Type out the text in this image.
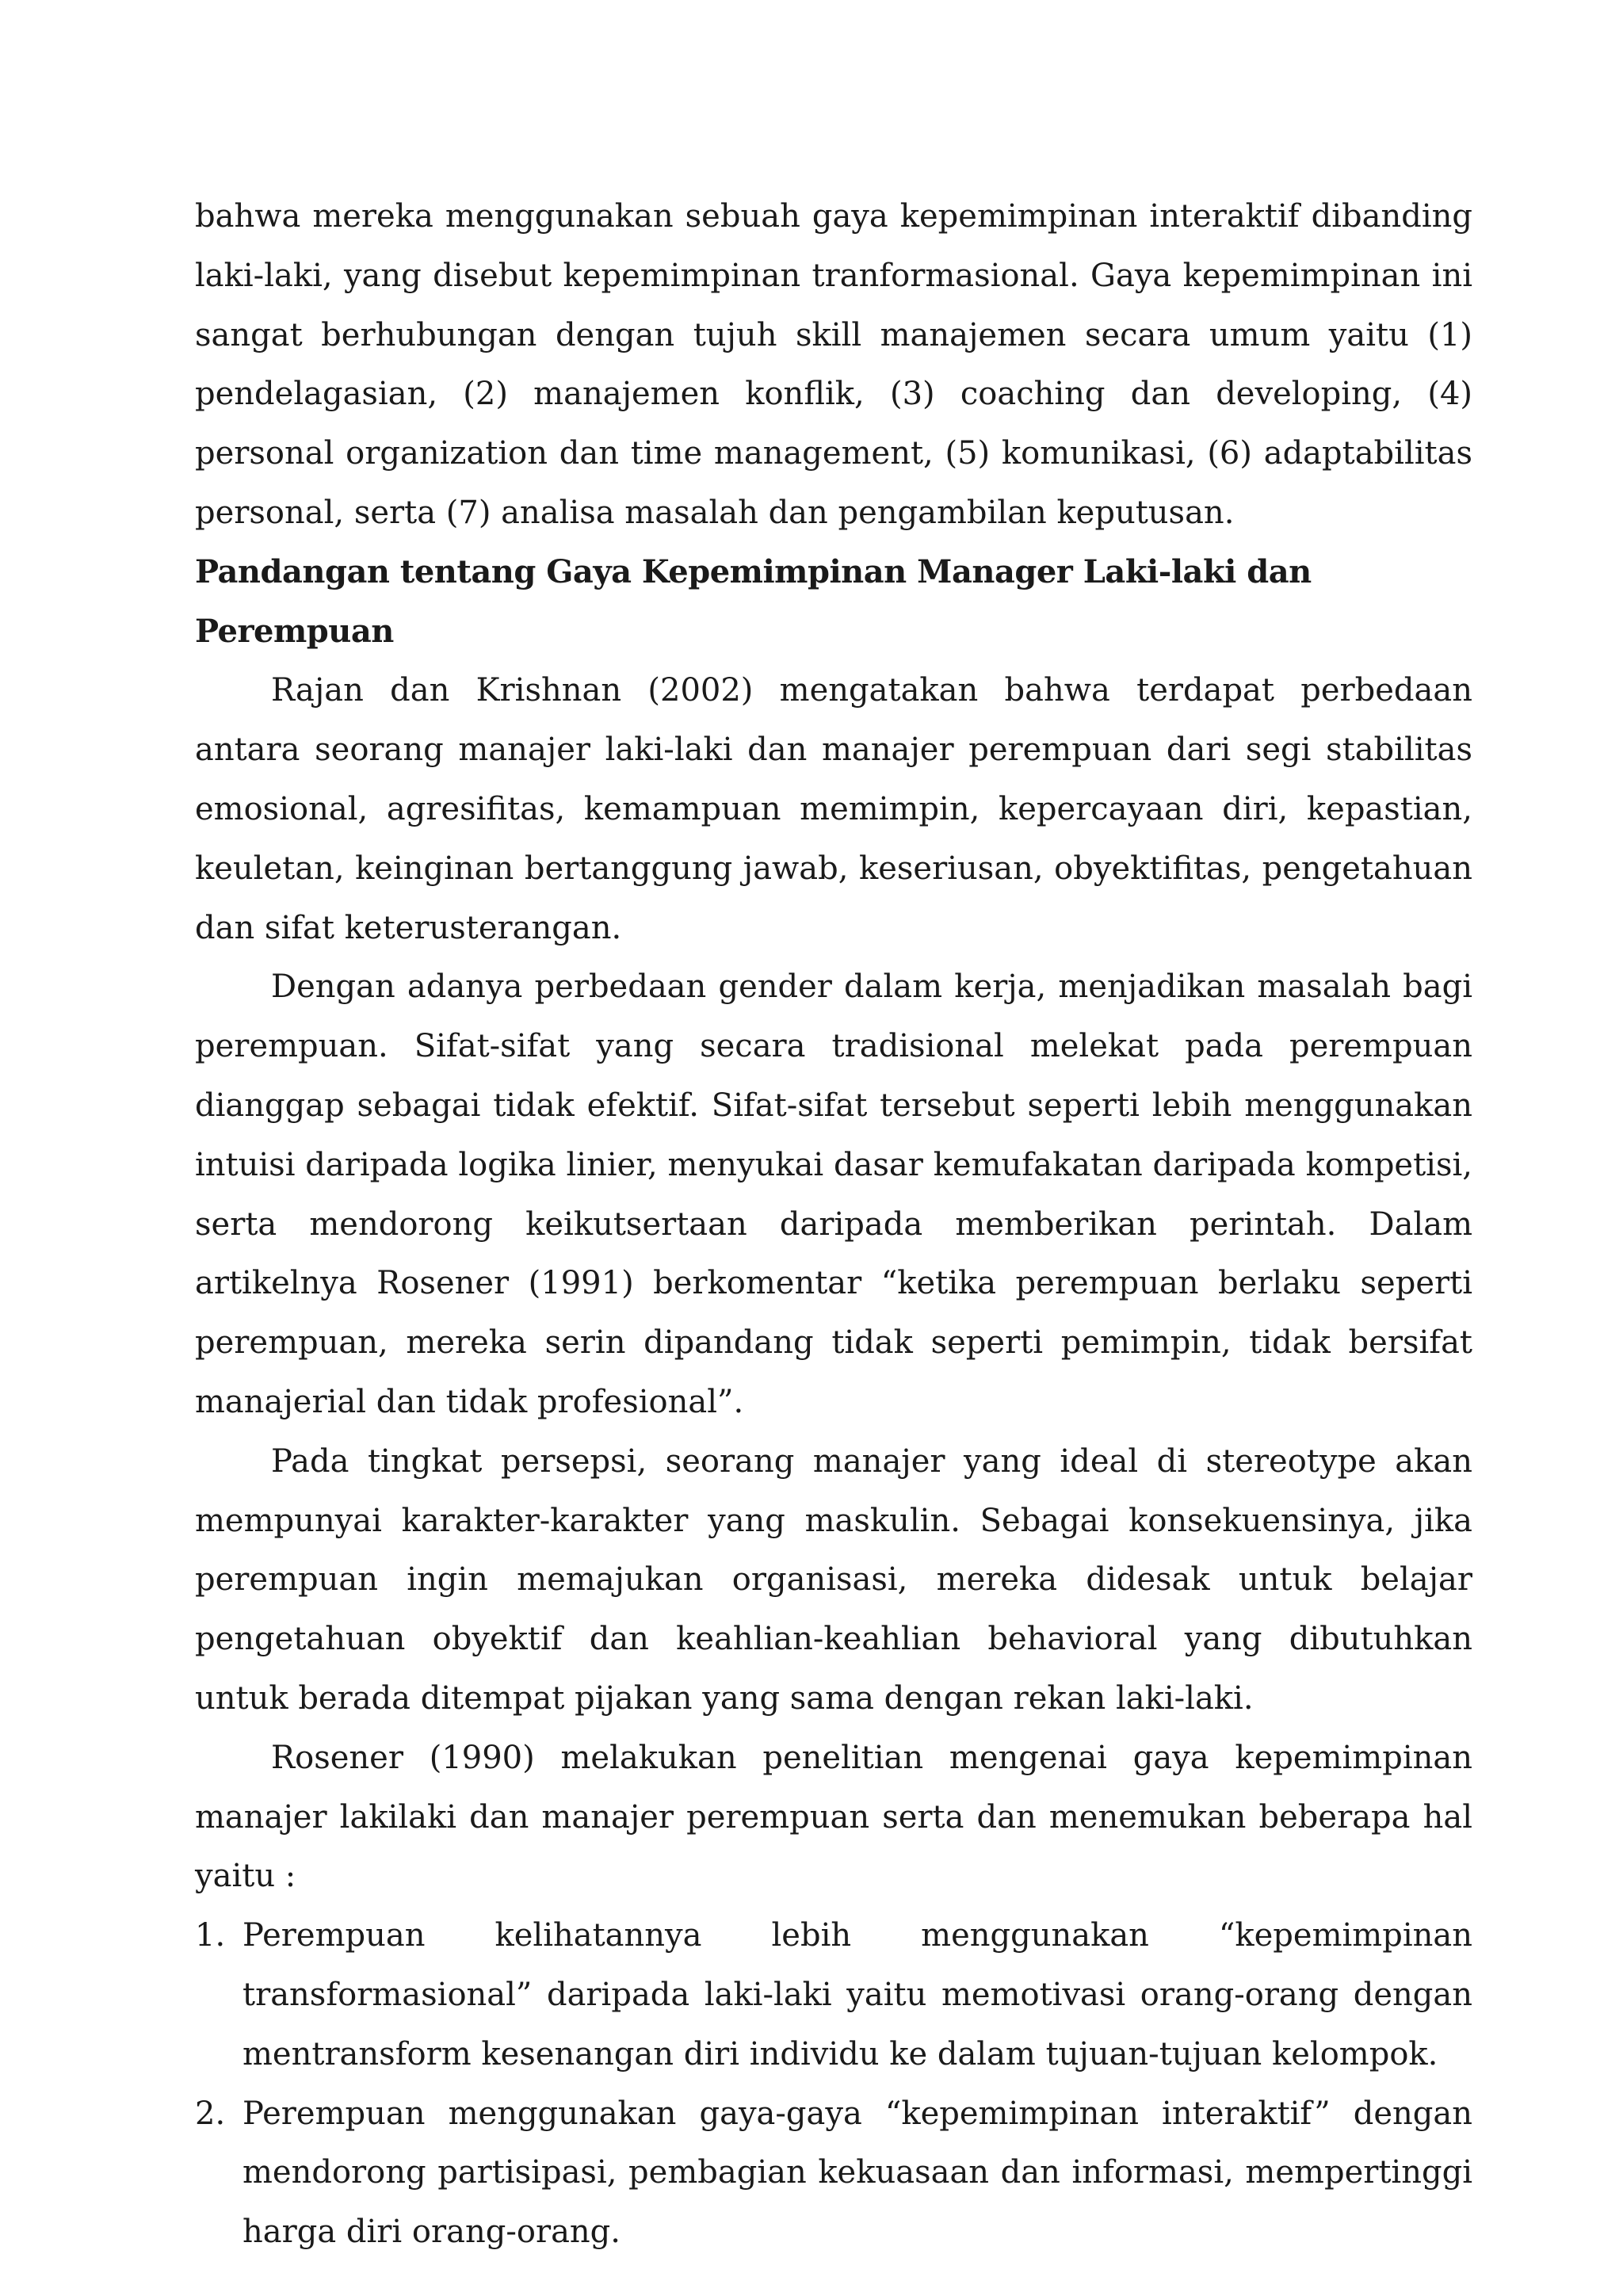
bahwa mereka menggunakan sebuah gaya kepemimpinan interaktif dibanding laki-laki, yang disebut kepemimpinan tranformasional. Gaya kepemimpinan ini sangat berhubungan dengan tujuh skill manajemen secara umum yaitu (1) pendelagasian, (2) manajemen konflik, (3) coaching dan developing, (4) personal organization dan time management, (5) komunikasi, (6) adaptabilitas personal, serta (7) analisa masalah dan pengambilan keputusan.

Pandangan tentang Gaya Kepemimpinan Manager Laki-laki dan Perempuan

Rajan dan Krishnan (2002) mengatakan bahwa terdapat perbedaan antara seorang manajer laki-laki dan manajer perempuan dari segi stabilitas emosional, agresifitas, kemampuan memimpin, kepercayaan diri, kepastian, keuletan, keinginan bertanggung jawab, keseriusan, obyektifitas, pengetahuan dan sifat keterusterangan.

Dengan adanya perbedaan gender dalam kerja, menjadikan masalah bagi perempuan. Sifat-sifat yang secara tradisional melekat pada perempuan dianggap sebagai tidak efektif. Sifat-sifat tersebut seperti lebih menggunakan intuisi daripada logika linier, menyukai dasar kemufakatan daripada kompetisi, serta mendorong keikutsertaan daripada memberikan perintah. Dalam artikelnya Rosener (1991) berkomentar “ketika perempuan berlaku seperti perempuan, mereka serin dipandang tidak seperti pemimpin, tidak bersifat manajerial dan tidak profesional”.

Pada tingkat persepsi, seorang manajer yang ideal di stereotype akan mempunyai karakter-karakter yang maskulin. Sebagai konsekuensinya, jika perempuan ingin memajukan organisasi, mereka didesak untuk belajar pengetahuan obyektif dan keahlian-keahlian behavioral yang dibutuhkan untuk berada ditempat pijakan yang sama dengan rekan laki-laki.

Rosener (1990) melakukan penelitian mengenai gaya kepemimpinan manajer lakilaki dan manajer perempuan serta dan menemukan beberapa hal yaitu :

1. Perempuan kelihatannya lebih menggunakan “kepemimpinan transformasional” daripada laki-laki yaitu memotivasi orang-orang dengan mentransform kesenangan diri individu ke dalam tujuan-tujuan kelompok.
2. Perempuan menggunakan gaya-gaya “kepemimpinan interaktif” dengan mendorong partisipasi, pembagian kekuasaan dan informasi, mempertinggi harga diri orang-orang.
